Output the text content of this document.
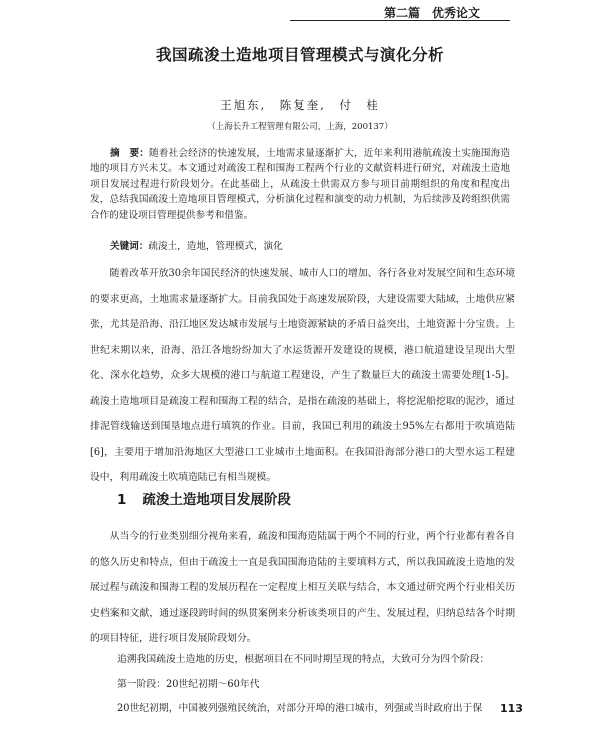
第二篇　优秀论文
我国疏浚土造地项目管理模式与演化分析
王旭东,　陈复奎,　付　桂
（上海长升工程管理有限公司，上海，200137）
摘　要：随着社会经济的快速发展，土地需求量逐渐扩大，近年来利用港航疏浚土实施围海造地的项目方兴未艾。本文通过对疏浚工程和围海工程两个行业的文献资料进行研究，对疏浚土造地项目发展过程进行阶段划分。在此基础上，从疏浚土供需双方参与项目前期组织的角度和程度出发，总结我国疏浚土造地项目管理模式，分析演化过程和演变的动力机制，为后续涉及跨组织供需合作的建设项目管理提供参考和借鉴。
关键词：疏浚土，造地，管理模式，演化
随着改革开放30余年国民经济的快速发展、城市人口的增加、各行各业对发展空间和生态环境的要求更高，土地需求量逐渐扩大。目前我国处于高速发展阶段，大建设需要大陆域，土地供应紧张，尤其是沿海、沿江地区发达城市发展与土地资源紧缺的矛盾日益突出，土地资源十分宝贵。上世纪末期以来，沿海、沿江各地纷纷加大了水运货源开发建设的规模，港口航道建设呈现出大型化、深水化趋势，众多大规模的港口与航道工程建设，产生了数量巨大的疏浚土需要处理[1-5]。疏浚土造地项目是疏浚工程和围海工程的结合，是指在疏浚的基础上，将挖泥船挖取的泥沙，通过排泥管线输送到围垦地点进行填筑的作业。目前，我国已利用的疏浚土95%左右都用于吹填造陆[6]，主要用于增加沿海地区大型港口工业城市土地面积。在我国沿海部分港口的大型水运工程建设中，利用疏浚土吹填造陆已有相当规模。
1 疏浚土造地项目发展阶段
从当今的行业类别细分视角来看，疏浚和围海造陆属于两个不同的行业，两个行业都有着各自的悠久历史和特点，但由于疏浚土一直是我国围海造陆的主要填料方式，所以我国疏浚土造地的发展过程与疏浚和围海工程的发展历程在一定程度上相互关联与结合，本文通过研究两个行业相关历史档案和文献，通过逐段跨时间的纵贯案例来分析该类项目的产生、发展过程，归纳总结各个时期的项目特征，进行项目发展阶段划分。
追溯我国疏浚土造地的历史，根据项目在不同时期呈现的特点，大致可分为四个阶段：
第一阶段：20世纪初期～60年代
20世纪初期，中国被列强殖民统治，对部分开埠的港口城市，列强或当时政府出于保 113
